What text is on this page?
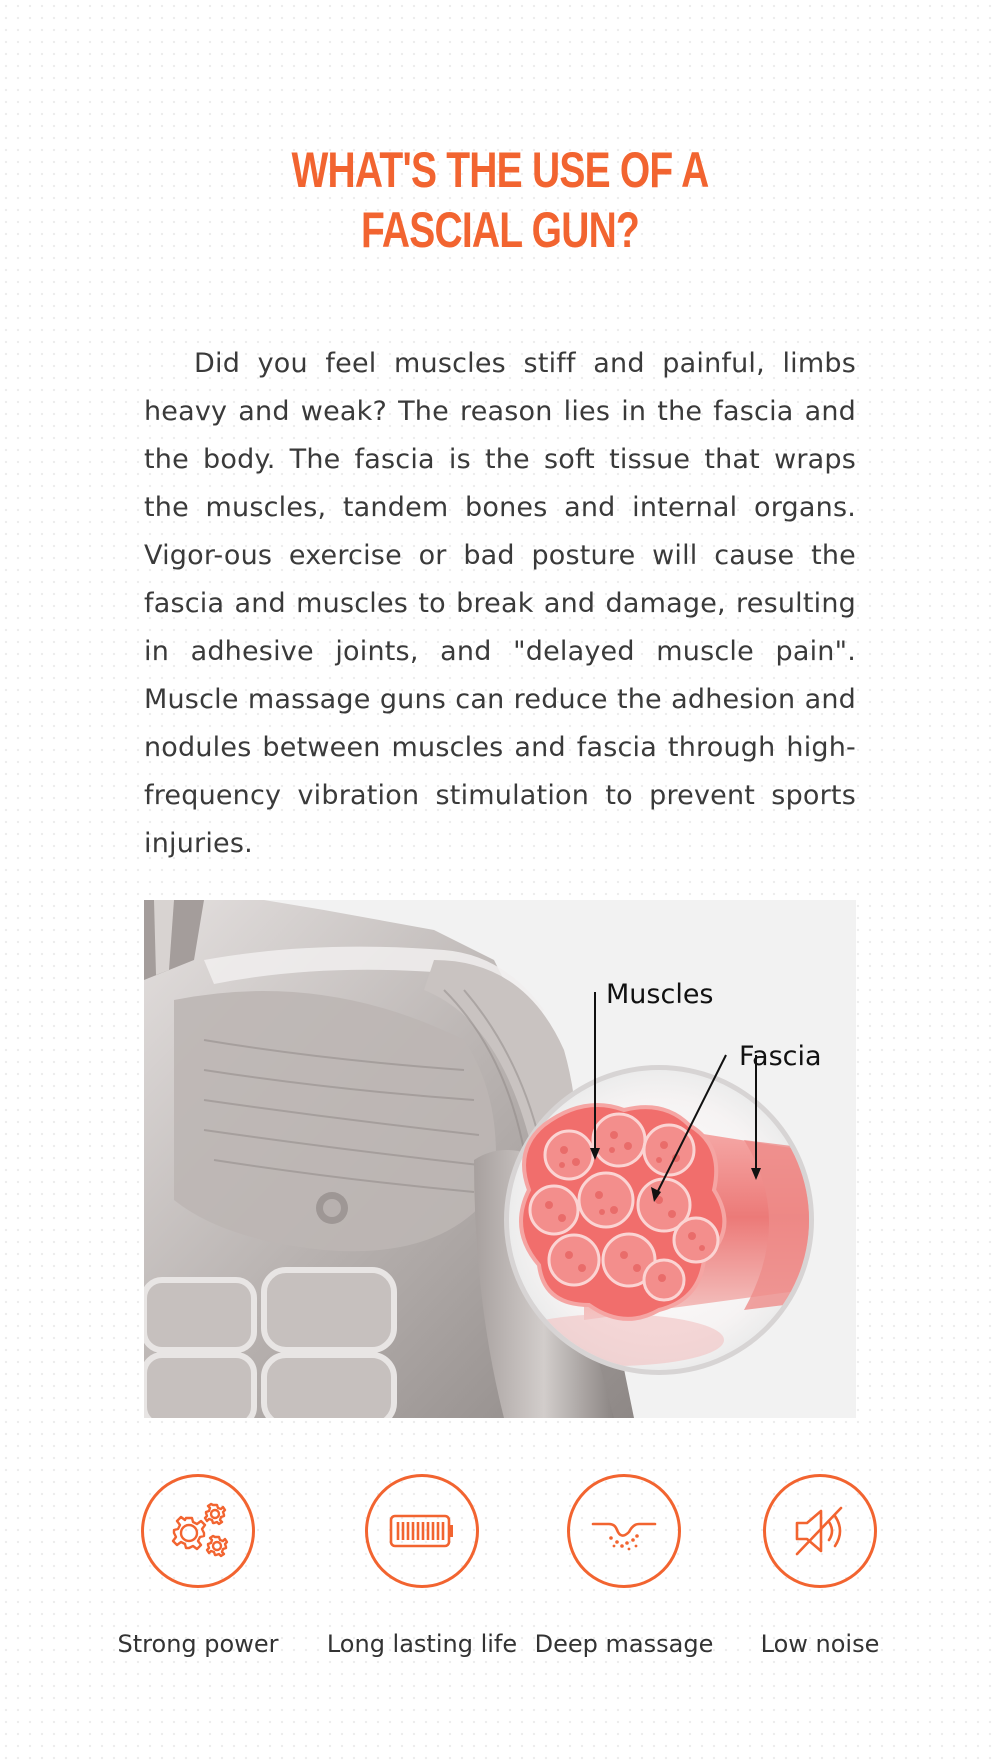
WHAT'S THE USE OF A
FASCIAL GUN?

Did you feel muscles stiff and painful, limbs heavy and weak? The reason lies in the fascia and the body. The fascia is the soft tissue that wraps the muscles, tandem bones and internal organs. Vigor-ous exercise or bad posture will cause the fascia and muscles to break and damage, resulting in adhesive joints, and "delayed muscle pain". Muscle massage guns can reduce the adhesion and nodules between muscles and fascia through high-frequency vibration stimulation to prevent sports injuries.

Muscles
Fascia
Strong power	Long lasting life Deep massage	Low noise
